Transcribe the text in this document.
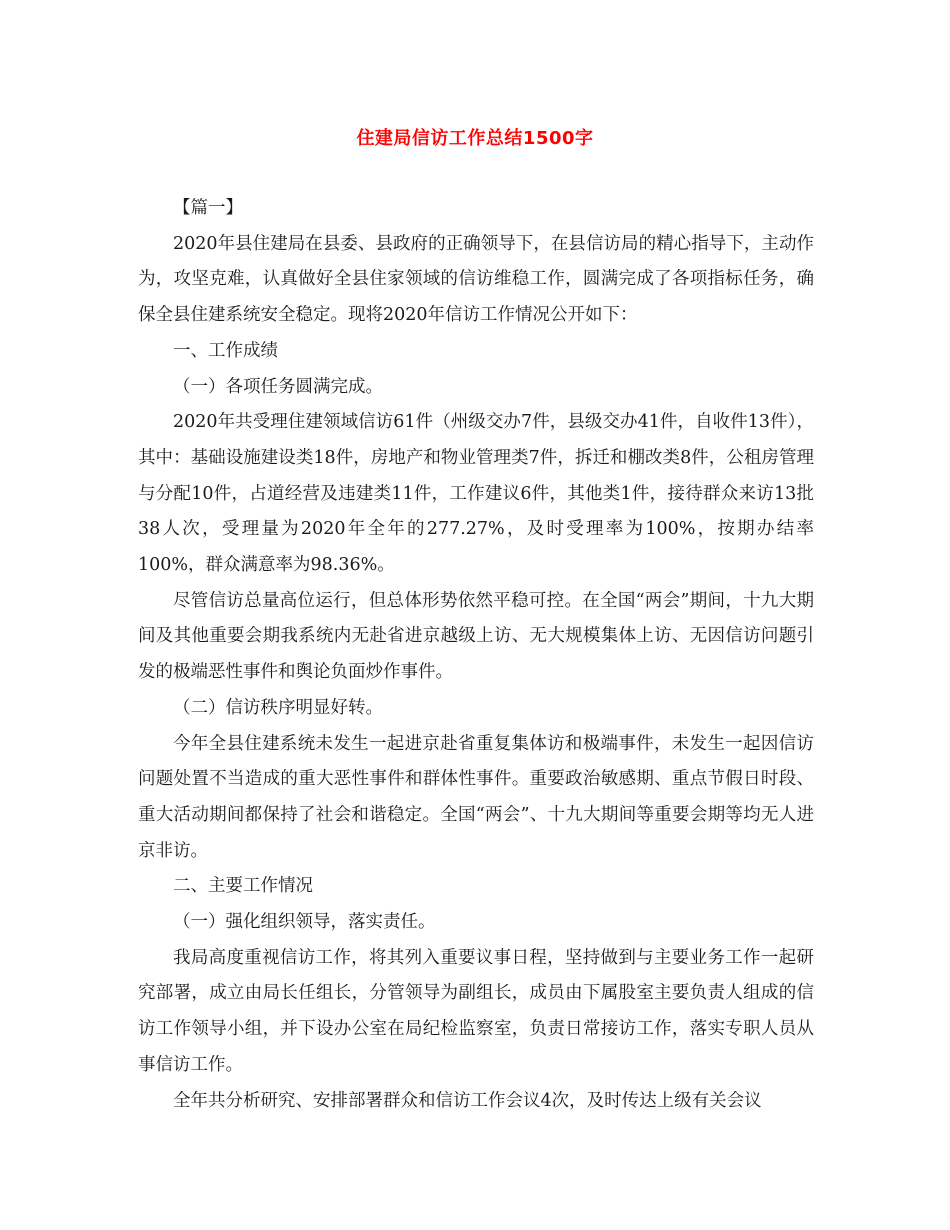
住建局信访工作总结1500字

【篇一】

2020年县住建局在县委、县政府的正确领导下，在县信访局的精心指导下，主动作为，攻坚克难，认真做好全县住家领域的信访维稳工作，圆满完成了各项指标任务，确保全县住建系统安全稳定。现将2020年信访工作情况公开如下：

一、工作成绩

（一）各项任务圆满完成。

2020年共受理住建领域信访61件（州级交办7件，县级交办41件，自收件13件），其中：基础设施建设类18件，房地产和物业管理类7件，拆迁和棚改类8件，公租房管理与分配10件，占道经营及违建类11件，工作建议6件，其他类1件，接待群众来访13批38人次，受理量为2020年全年的277.27%，及时受理率为100%，按期办结率100%，群众满意率为98.36%。

尽管信访总量高位运行，但总体形势依然平稳可控。在全国“两会”期间，十九大期间及其他重要会期我系统内无赴省进京越级上访、无大规模集体上访、无因信访问题引发的极端恶性事件和舆论负面炒作事件。

（二）信访秩序明显好转。

今年全县住建系统未发生一起进京赴省重复集体访和极端事件，未发生一起因信访问题处置不当造成的重大恶性事件和群体性事件。重要政治敏感期、重点节假日时段、重大活动期间都保持了社会和谐稳定。全国“两会”、十九大期间等重要会期等均无人进京非访。

二、主要工作情况

（一）强化组织领导，落实责任。

我局高度重视信访工作，将其列入重要议事日程，坚持做到与主要业务工作一起研究部署，成立由局长任组长，分管领导为副组长，成员由下属股室主要负责人组成的信访工作领导小组，并下设办公室在局纪检监察室，负责日常接访工作，落实专职人员从事信访工作。

全年共分析研究、安排部署群众和信访工作会议4次，及时传达上级有关会议
